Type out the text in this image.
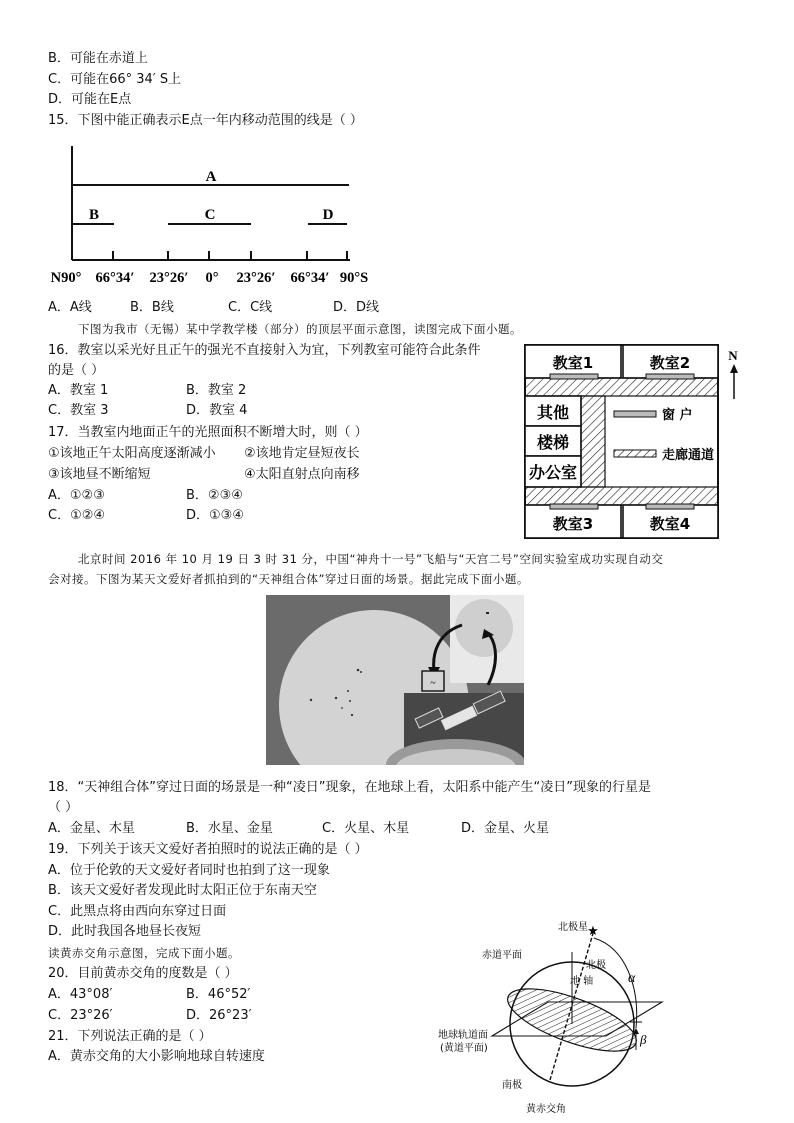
B．可能在赤道上
C．可能在66° 34′ S上
D．可能在E点
15．下图中能正确表示E点一年内移动范围的线是（ ）
A
B	C	D
N90° 66°34′ 23°26′ 0° 23°26′ 66°34′ 90°S
A．A线	B．B线	C．C线	D．D线
下图为我市（无锡）某中学教学楼（部分）的顶层平面示意图，读图完成下面小题。
16．教室以采光好且正午的强光不直接射入为宜，下列教室可能符合此条件
的是（ ）
A．教室 1	B．教室 2
C．教室 3	D．教室 4
17．当教室内地面正午的光照面积不断增大时，则（ ）
①该地正午太阳高度逐渐减小 ②该地肯定昼短夜长
③该地昼不断缩短	④太阳直射点向南移
A．①②③	B．②③④
C．①②④	D．①③④
教室1	教室2
教室3	教室4
其他
楼梯
办公室
N
窗 户
走廊通道
北京时间 2016 年 10 月 19 日 3 时 31 分，中国“神舟十一号”飞船与“天宫二号”空间实验室成功实现自动交
会对接。下图为某天文爱好者抓拍到的“天神组合体”穿过日面的场景。据此完成下面小题。
~
18．“天神组合体”穿过日面的场景是一种“凌日”现象，在地球上看，太阳系中能产生“凌日”现象的行星是
（ ）
A．金星、木星	B．水星、金星	C．火星、木星	D．金星、火星
19．下列关于该天文爱好者拍照时的说法正确的是（ ）
A．位于伦敦的天文爱好者同时也拍到了这一现象
B．该天文爱好者发现此时太阳正位于东南天空
C．此黑点将由西向东穿过日面
D．此时我国各地昼长夜短
读黄赤交角示意图，完成下面小题。
20．目前黄赤交角的度数是（ ）
A．43°08′	B．46°52′
C．23°26′	D．26°23′
21．下列说法正确的是（ ）
A．黄赤交角的大小影响地球自转速度
★
北极星
赤道平面
北极
地 轴
地球轨道面
(黄道平面)
南极
黄赤交角
α
β
